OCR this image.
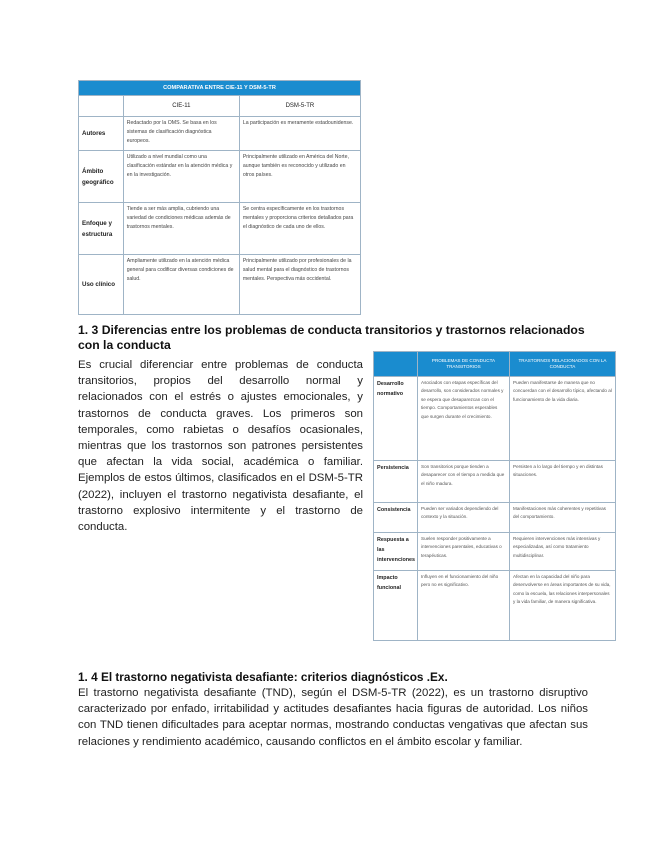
COMPARATIVA ENTRE CIE-11 Y DSM-5-TR		
	CIE-11	DSM-5-TR
Autores	Redactado por la OMS. Se basa en los sistemas de clasificación diagnóstica europeos.	La participación es meramente estadounidense.
Ámbito geográfico	Utilizado a nivel mundial como una clasificación estándar en la atención médica y en la investigación.	Principalmente utilizado en América del Norte, aunque también es reconocido y utilizado en otros países.
Enfoque y estructura	Tiende a ser más amplia, cubriendo una variedad de condiciones médicas además de trastornos mentales.	Se centra específicamente en los trastornos mentales y proporciona criterios detallados para el diagnóstico de cada uno de ellos.
Uso clínico	Ampliamente utilizado en la atención médica general para codificar diversas condiciones de salud.	Principalmente utilizado por profesionales de la salud mental para el diagnóstico de trastornos mentales. Perspectiva más occidental.
1. 3 Diferencias entre los problemas de conducta transitorios y trastornos relacionados con la conducta
Es crucial diferenciar entre problemas de conducta transitorios, propios del desarrollo normal y relacionados con el estrés o ajustes emocionales, y trastornos de conducta graves. Los primeros son temporales, como rabietas o desafíos ocasionales, mientras que los trastornos son patrones persistentes que afectan la vida social, académica o familiar. Ejemplos de estos últimos, clasificados en el DSM-5-TR (2022), incluyen el trastorno negativista desafiante, el trastorno explosivo intermitente y el trastorno de conducta.
	PROBLEMAS DE CONDUCTA TRANSITORIOS	TRASTORNOS RELACIONADOS CON LA CONDUCTA
Desarrollo normativo	Asociados con etapas específicas del desarrollo, son considerados normales y se espera que desaparezcan con el tiempo. Comportamientos esperables que surgen durante el crecimiento.	Pueden manifestarse de manera que no concuerdan con el desarrollo típico, afectando al funcionamiento de la vida diaria.
Persistencia	Son transitorios porque tienden a desaparecer con el tiempo a medida que el niño madura.	Persisten a lo largo del tiempo y en distintas situaciones.
Consistencia	Pueden ser variados dependiendo del contexto y la situación.	Manifestaciones más coherentes y repetitivas del comportamiento.
Respuesta a las intervenciones	Suelen responder positivamente a intervenciones parentales, educativas o terapéuticas.	Requieren intervenciones más intensivas y especializadas, así como tratamiento multidisciplinar.
Impacto funcional	Influyen en el funcionamiento del niño pero no es significativo.	Afectan en la capacidad del niño para desenvolverse en áreas importantes de su vida, como la escuela, las relaciones interpersonales y la vida familiar, de manera significativa.
1. 4 El trastorno negativista desafiante: criterios diagnósticos .Ex.
El trastorno negativista desafiante (TND), según el DSM-5-TR (2022), es un trastorno disruptivo caracterizado por enfado, irritabilidad y actitudes desafiantes hacia figuras de autoridad. Los niños con TND tienen dificultades para aceptar normas, mostrando conductas vengativas que afectan sus relaciones y rendimiento académico, causando conflictos en el ámbito escolar y familiar.
